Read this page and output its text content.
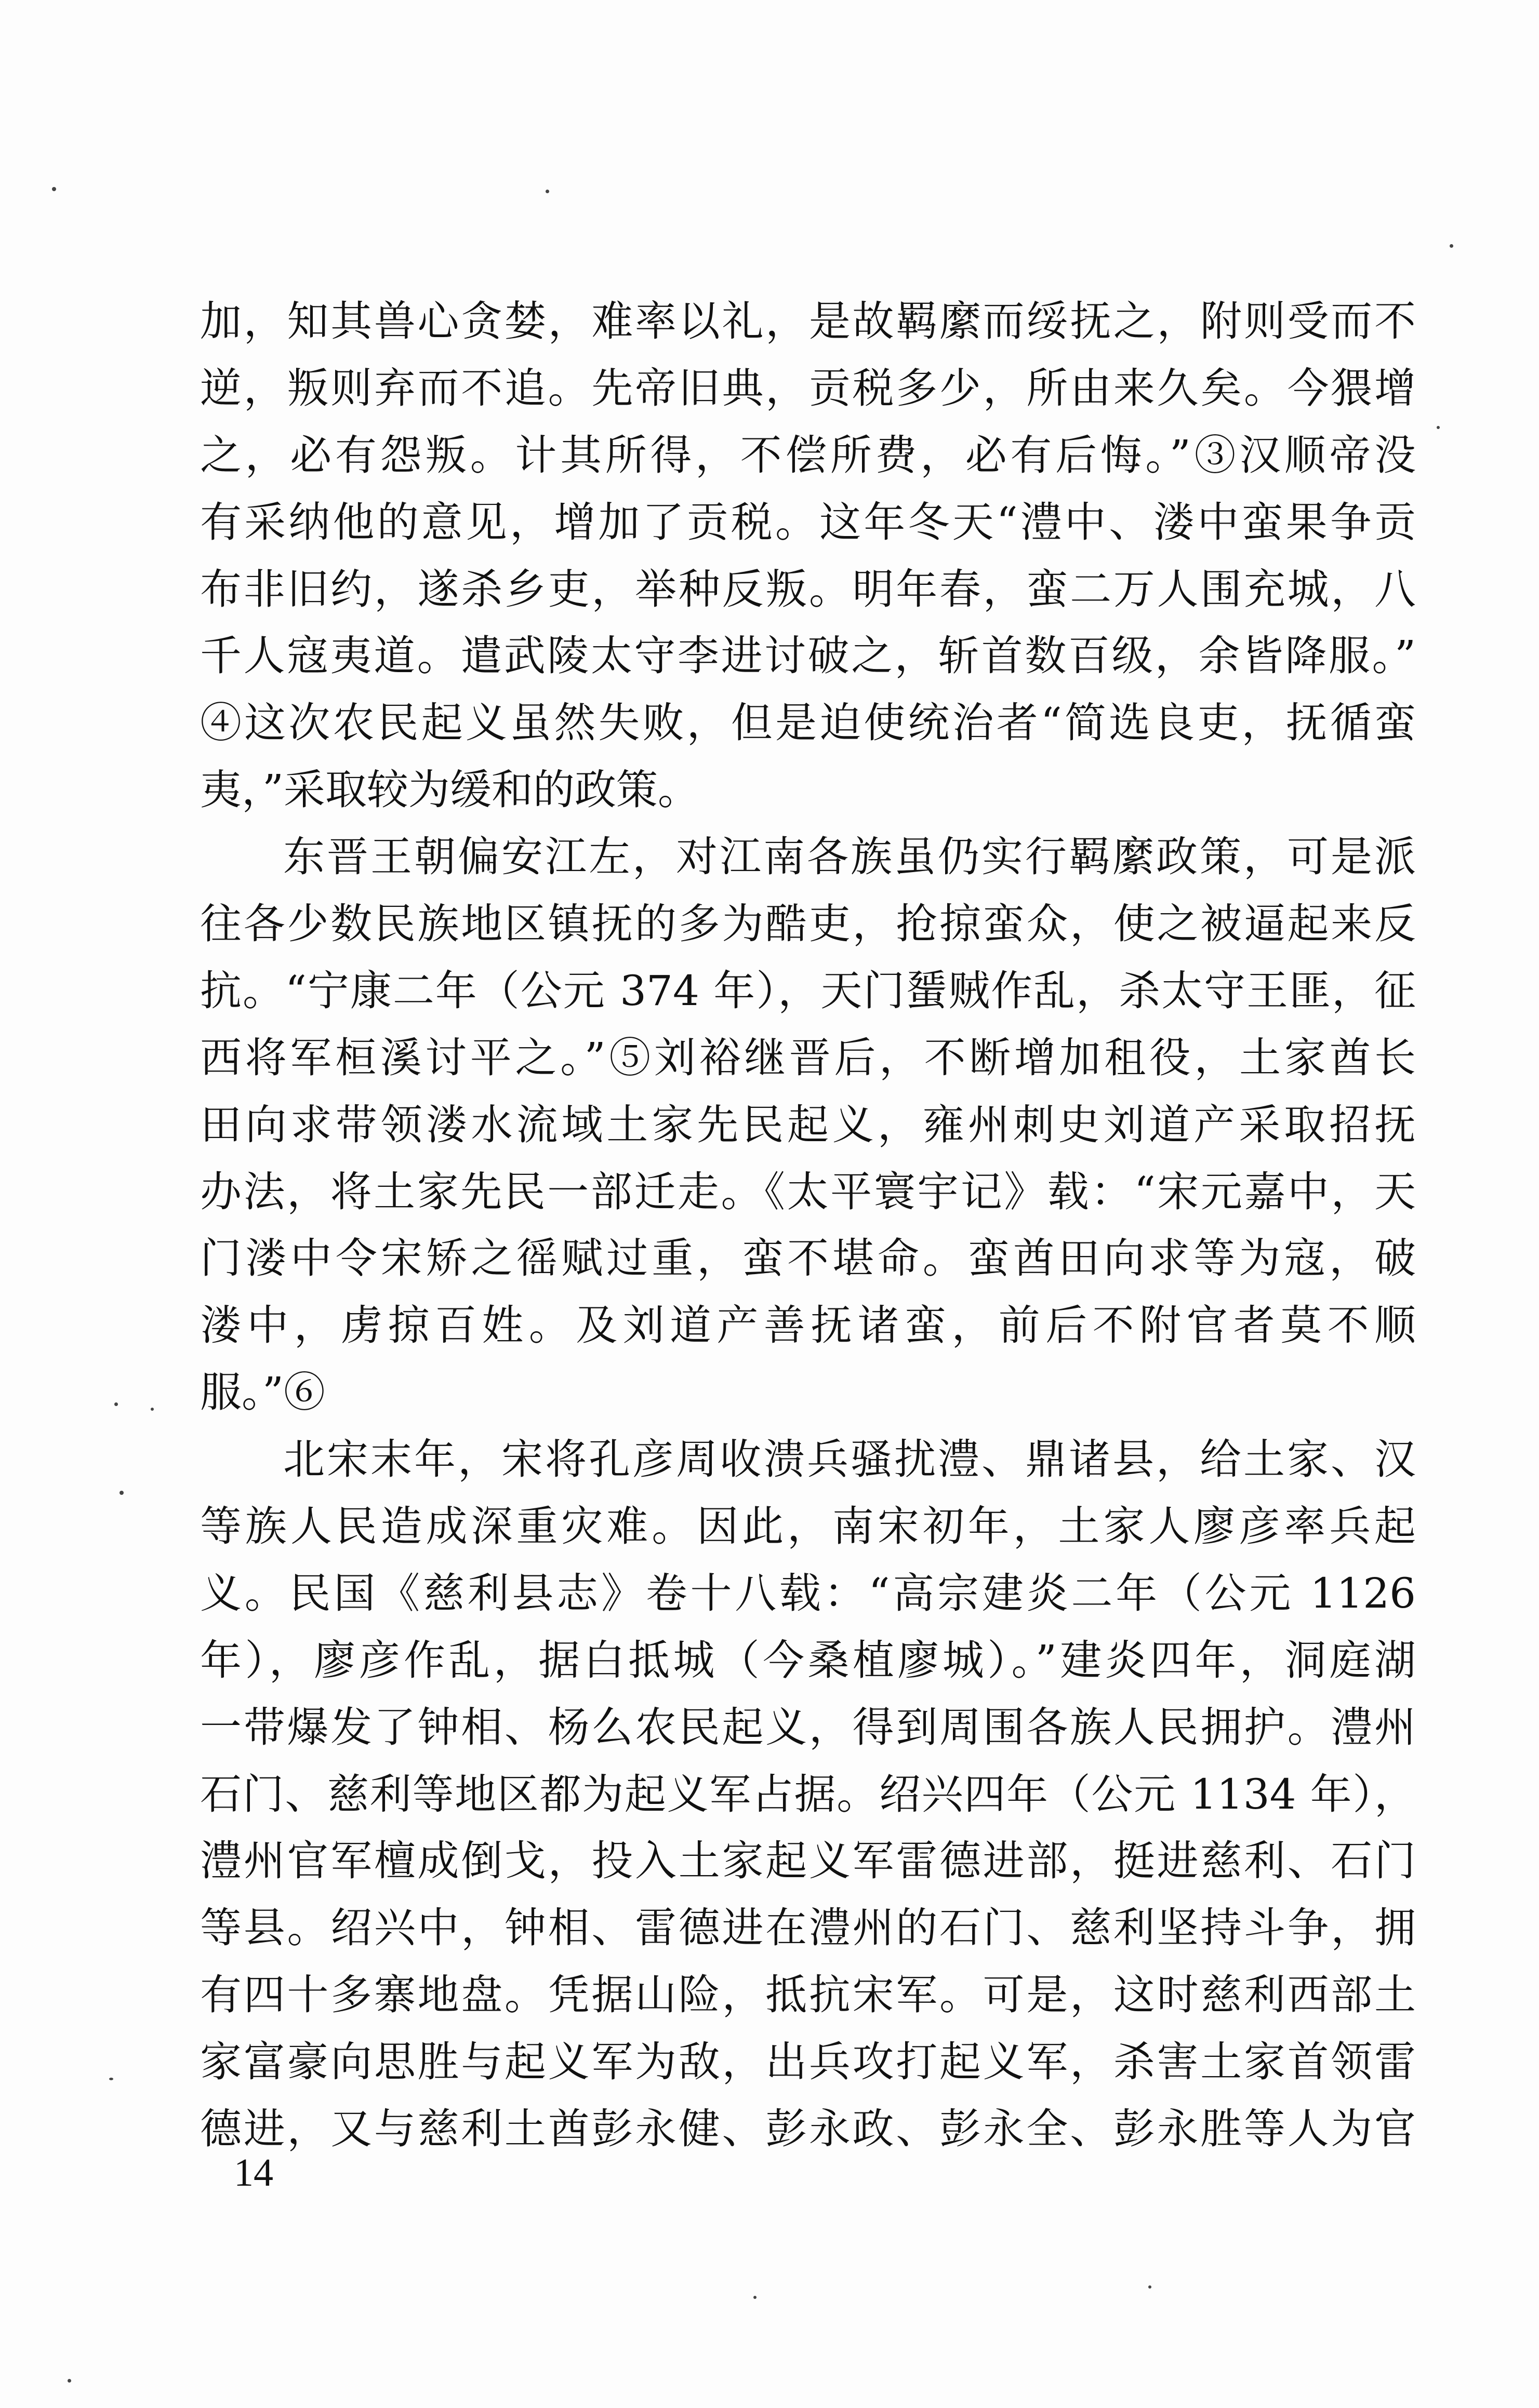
加，知其兽心贪婪，难率以礼，是故羁縻而绥抚之，附则受而不
逆，叛则弃而不追。先帝旧典，贡税多少，所由来久矣。今猥增
之，必有怨叛。计其所得，不偿所费，必有后悔。”③汉顺帝没
有采纳他的意见，增加了贡税。这年冬天“澧中、溇中蛮果争贡
布非旧约，遂杀乡吏，举种反叛。明年春，蛮二万人围充城，八
千人寇夷道。遣武陵太守李进讨破之，斩首数百级，余皆降服。”
④这次农民起义虽然失败，但是迫使统治者“简选良吏，抚循蛮
夷，”采取较为缓和的政策。
东晋王朝偏安江左，对江南各族虽仍实行羁縻政策，可是派
往各少数民族地区镇抚的多为酷吏，抢掠蛮众，使之被逼起来反
抗。“宁康二年（公元 374 年），天门蜑贼作乱，杀太守王匪，征
西将军桓溪讨平之。”⑤刘裕继晋后，不断增加租役，土家酋长
田向求带领溇水流域土家先民起义，雍州刺史刘道产采取招抚
办法，将土家先民一部迁走。《太平寰宇记》载：“宋元嘉中，天
门溇中令宋矫之徭赋过重，蛮不堪命。蛮酋田向求等为寇，破
溇中，虏掠百姓。及刘道产善抚诸蛮，前后不附官者莫不顺
服。”⑥
北宋末年，宋将孔彦周收溃兵骚扰澧、鼎诸县，给土家、汉
等族人民造成深重灾难。因此，南宋初年，土家人廖彦率兵起
义。民国《慈利县志》卷十八载：“高宗建炎二年（公元 1126
年），廖彦作乱，据白抵城（今桑植廖城）。”建炎四年，洞庭湖
一带爆发了钟相、杨么农民起义，得到周围各族人民拥护。澧州
石门、慈利等地区都为起义军占据。绍兴四年（公元 1134 年），
澧州官军檀成倒戈，投入土家起义军雷德进部，挺进慈利、石门
等县。绍兴中，钟相、雷德进在澧州的石门、慈利坚持斗争，拥
有四十多寨地盘。凭据山险，抵抗宋军。可是，这时慈利西部土
家富豪向思胜与起义军为敌，出兵攻打起义军，杀害土家首领雷
德进，又与慈利土酋彭永健、彭永政、彭永全、彭永胜等人为官
14
